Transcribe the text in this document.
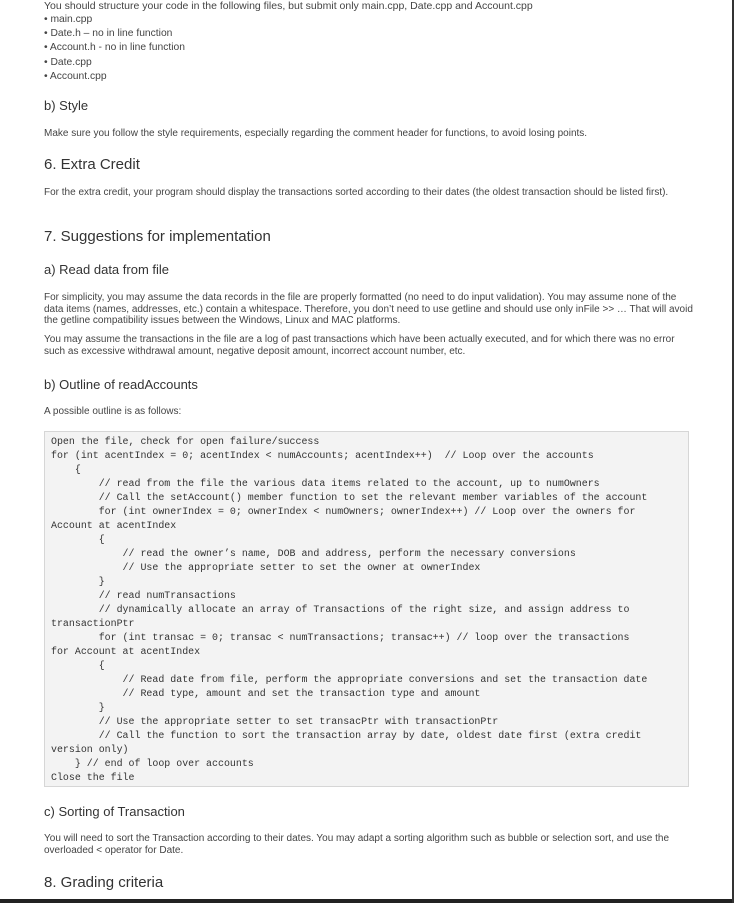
You should structure your code in the following files, but submit only main.cpp, Date.cpp and Account.cpp
• main.cpp
• Date.h – no in line function
• Account.h - no in line function
• Date.cpp
• Account.cpp
b) Style
Make sure you follow the style requirements, especially regarding the comment header for functions, to avoid losing points.
6. Extra Credit
For the extra credit, your program should display the transactions sorted according to their dates (the oldest transaction should be listed first).
7. Suggestions for implementation
a) Read data from file
For simplicity, you may assume the data records in the file are properly formatted (no need to do input validation). You may assume none of the data items (names, addresses, etc.) contain a whitespace. Therefore, you don’t need to use getline and should use only inFile >> … That will avoid the getline compatibility issues between the Windows, Linux and MAC platforms.
You may assume the transactions in the file are a log of past transactions which have been actually executed, and for which there was no error such as excessive withdrawal amount, negative deposit amount, incorrect account number, etc.
b) Outline of readAccounts
A possible outline is as follows:
Open the file, check for open failure/success
for (int acentIndex = 0; acentIndex < numAccounts; acentIndex++)  // Loop over the accounts
{
// read from the file the various data items related to the account, up to numOwners
// Call the setAccount() member function to set the relevant member variables of the account
for (int ownerIndex = 0; ownerIndex < numOwners; ownerIndex++) // Loop over the owners for
Account at acentIndex
{
// read the owner’s name, DOB and address, perform the necessary conversions
// Use the appropriate setter to set the owner at ownerIndex
}
// read numTransactions
// dynamically allocate an array of Transactions of the right size, and assign address to
transactionPtr
for (int transac = 0; transac < numTransactions; transac++) // loop over the transactions
for Account at acentIndex
{
// Read date from file, perform the appropriate conversions and set the transaction date
// Read type, amount and set the transaction type and amount
}
// Use the appropriate setter to set transacPtr with transactionPtr
// Call the function to sort the transaction array by date, oldest date first (extra credit
version only)
} // end of loop over accounts
Close the file
c) Sorting of Transaction
You will need to sort the Transaction according to their dates. You may adapt a sorting algorithm such as bubble or selection sort, and use the overloaded < operator for Date.
8. Grading criteria
